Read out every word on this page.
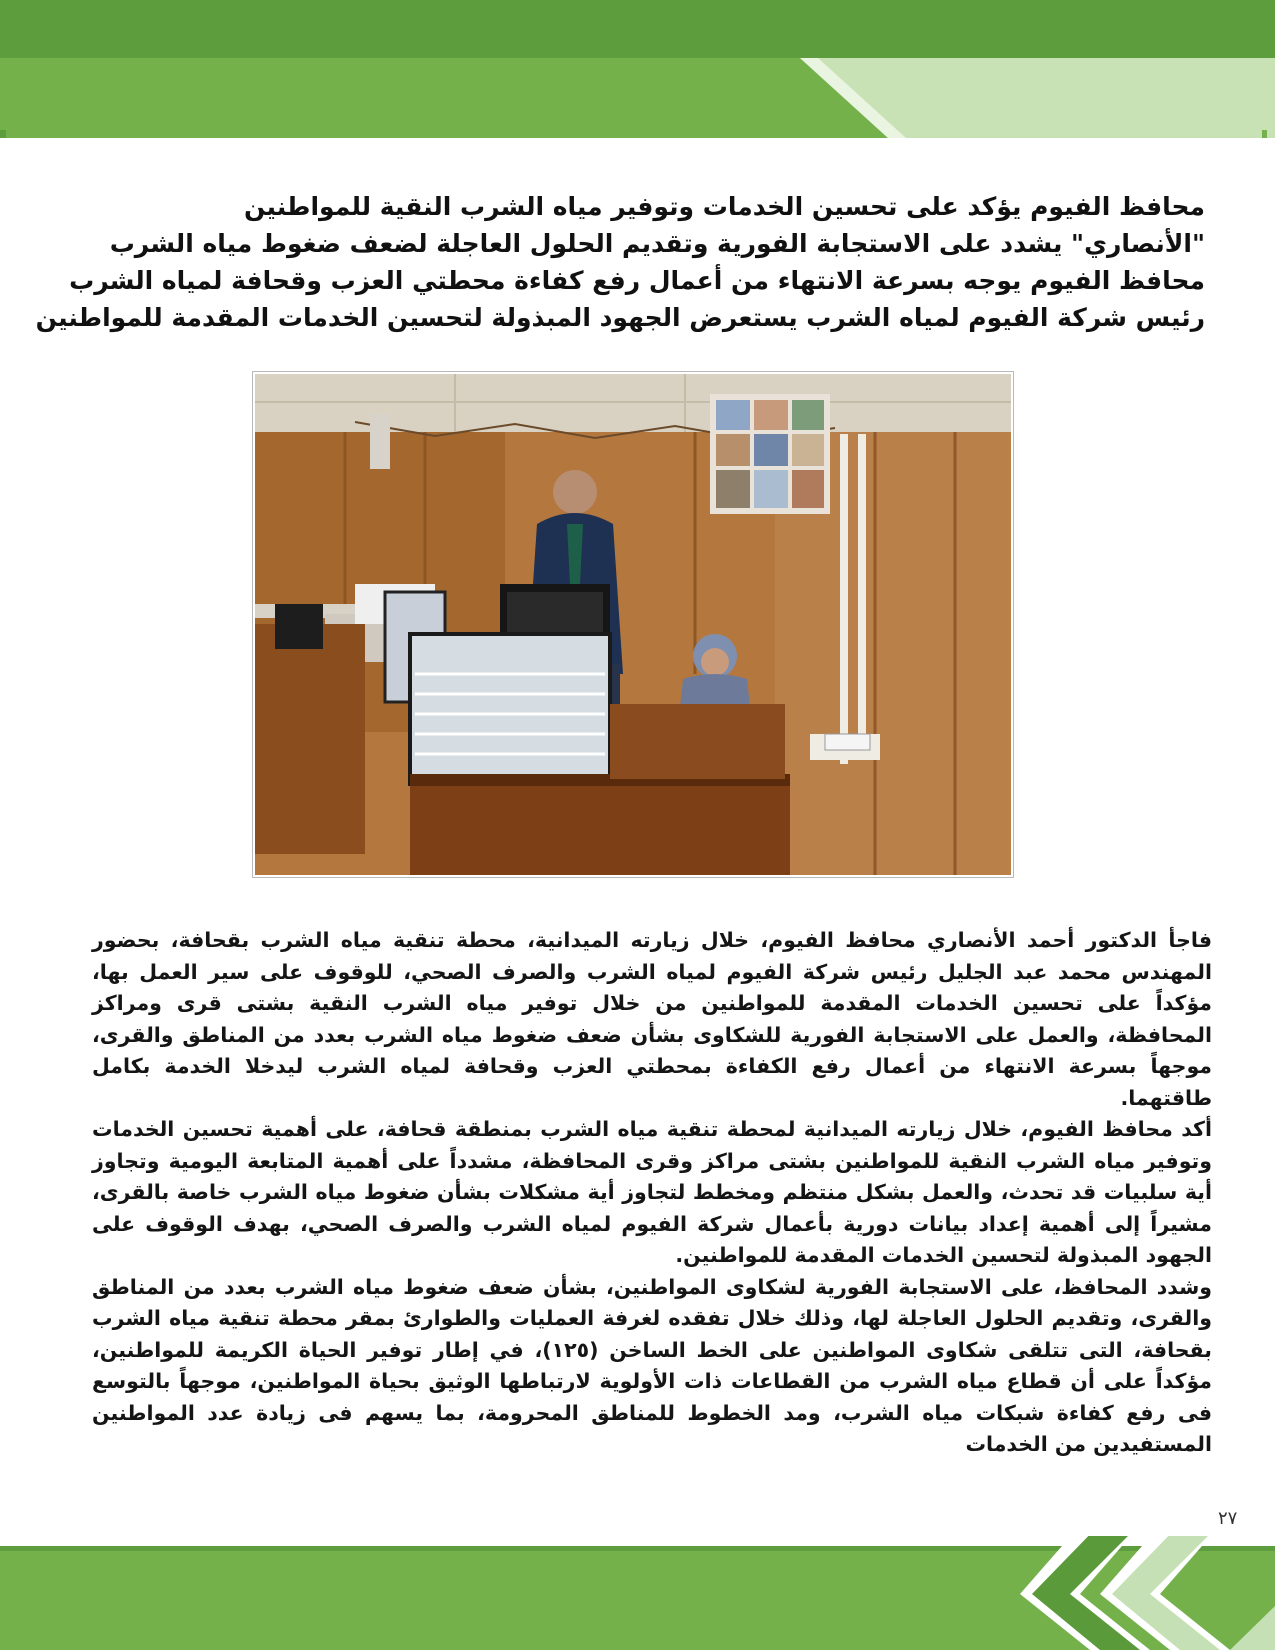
محافظ الفيوم يؤكد على تحسين الخدمات وتوفير مياه الشرب النقية للمواطنين

"الأنصاري" يشدد على الاستجابة الفورية وتقديم الحلول العاجلة لضعف ضغوط مياه الشرب

محافظ الفيوم يوجه بسرعة الانتهاء من أعمال رفع كفاءة محطتي العزب وقحافة لمياه الشرب

رئيس شركة الفيوم لمياه الشرب يستعرض الجهود المبذولة لتحسين الخدمات المقدمة للمواطنين

فاجأ الدكتور أحمد الأنصاري محافظ الفيوم، خلال زيارته الميدانية، محطة تنقية مياه الشرب بقحافة، بحضور المهندس محمد عبد الجليل رئيس شركة الفيوم لمياه الشرب والصرف الصحي، للوقوف على سير العمل بها، مؤكداً على تحسين الخدمات المقدمة للمواطنين من خلال توفير مياه الشرب النقية بشتى قرى ومراكز المحافظة، والعمل على الاستجابة الفورية للشكاوى بشأن ضعف ضغوط مياه الشرب بعدد من المناطق والقرى، موجهاً بسرعة الانتهاء من أعمال رفع الكفاءة بمحطتي العزب وقحافة لمياه الشرب ليدخلا الخدمة بكامل طاقتهما.

أكد محافظ الفيوم، خلال زيارته الميدانية لمحطة تنقية مياه الشرب بمنطقة قحافة، على أهمية تحسين الخدمات وتوفير مياه الشرب النقية للمواطنين بشتى مراكز وقرى المحافظة، مشدداً على أهمية المتابعة اليومية وتجاوز أية سلبيات قد تحدث، والعمل بشكل منتظم ومخطط لتجاوز أية مشكلات بشأن ضغوط مياه الشرب خاصة بالقرى، مشيراً إلى أهمية إعداد بيانات دورية بأعمال شركة الفيوم لمياه الشرب والصرف الصحي، بهدف الوقوف على الجهود المبذولة لتحسين الخدمات المقدمة للمواطنين.

وشدد المحافظ، على الاستجابة الفورية لشكاوى المواطنين، بشأن ضعف ضغوط مياه الشرب بعدد من المناطق والقرى، وتقديم الحلول العاجلة لها، وذلك خلال تفقده لغرفة العمليات والطوارئ بمقر محطة تنقية مياه الشرب بقحافة، التى تتلقى شكاوى المواطنين على الخط الساخن (١٢٥)، في إطار توفير الحياة الكريمة للمواطنين، مؤكداً على أن قطاع مياه الشرب من القطاعات ذات الأولوية لارتباطها الوثيق بحياة المواطنين، موجهاً بالتوسع فى رفع كفاءة شبكات مياه الشرب، ومد الخطوط للمناطق المحرومة، بما يسهم فى زيادة عدد المواطنين المستفيدين من الخدمات

٢٧
